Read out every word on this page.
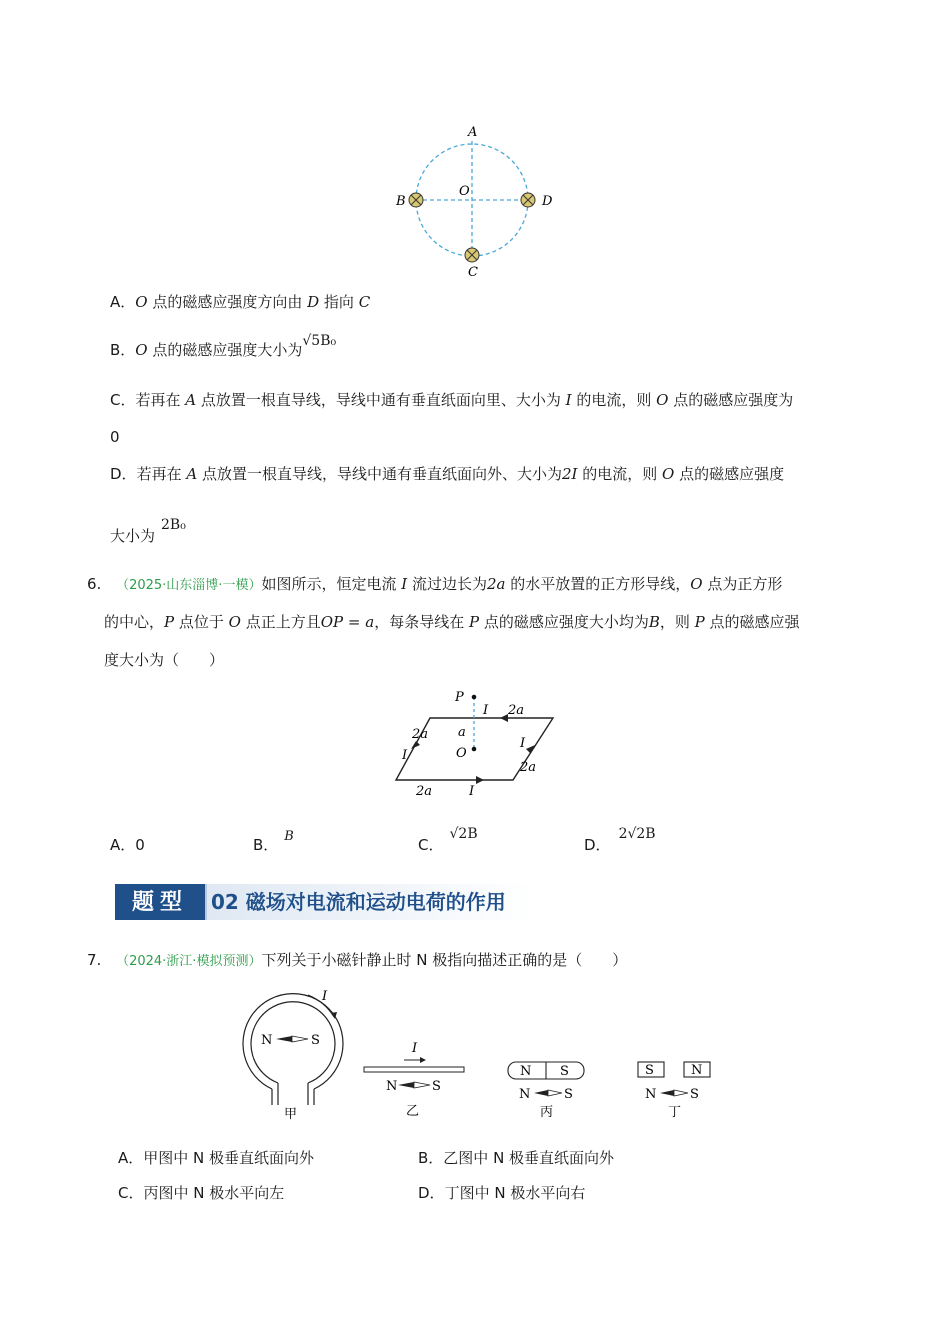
A
B	D
C
O
A．O 点的磁感应强度方向由 D 指向 C
B．O 点的磁感应强度大小为√5B₀
C．若再在 A 点放置一根直导线，导线中通有垂直纸面向里、大小为 I 的电流，则 O 点的磁感应强度为
0
D．若再在 A 点放置一根直导线，导线中通有垂直纸面向外、大小为2I 的电流，则 O 点的磁感应强度
大小为2B₀
6. （2025·山东淄博·一模）如图所示，恒定电流 I 流过边长为2a 的水平放置的正方形导线，O 点为正方形
的中心，P 点位于 O 点正上方且OP = a，每条导线在 P 点的磁感应强度大小均为B，则 P 点的磁感应强
度大小为（　　）
P
O
a
I 2a
2a
I
I
2a
2a	I
A．0	B． B	C．√2B
D．2√2B
题型	02 磁场对电流和运动电荷的作用
7. （2024·浙江·模拟预测）下列关于小磁针静止时 N 极指向描述正确的是（　　）
I
N	S
甲
I
N	S
乙
N S
N	S
丙
S	N
N	S
丁
A．甲图中 N 极垂直纸面向外	B．乙图中 N 极垂直纸面向外
C．丙图中 N 极水平向左	D．丁图中 N 极水平向右
